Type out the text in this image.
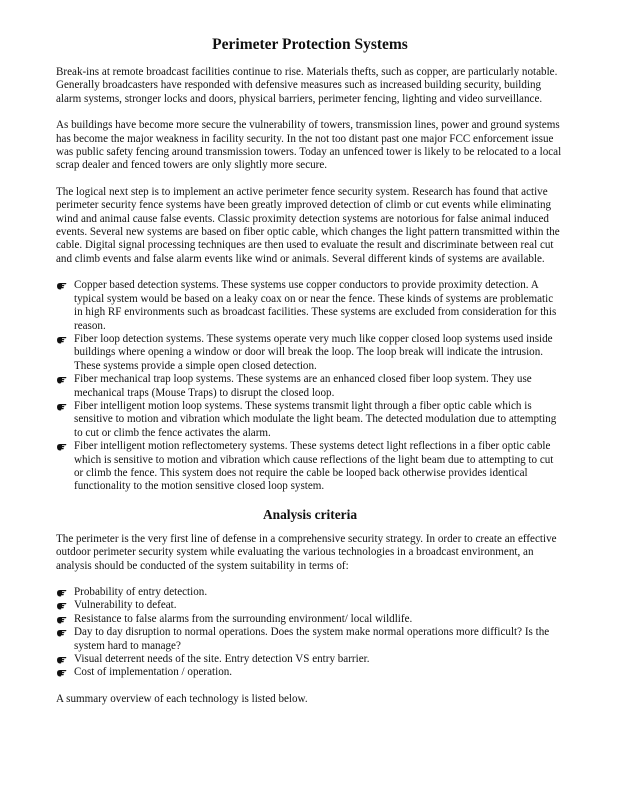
Perimeter Protection Systems

Break-ins at remote broadcast facilities continue to rise. Materials thefts, such as copper, are particularly notable. Generally broadcasters have responded with defensive measures such as increased building security, building alarm systems, stronger locks and doors, physical barriers, perimeter fencing, lighting and video surveillance.

As buildings have become more secure the vulnerability of towers, transmission lines, power and ground systems has become the major weakness in facility security. In the not too distant past one major FCC enforcement issue was public safety fencing around transmission towers. Today an unfenced tower is likely to be relocated to a local scrap dealer and fenced towers are only slightly more secure.

The logical next step is to implement an active perimeter fence security system. Research has found that active perimeter security fence systems have been greatly improved detection of climb or cut events while eliminating wind and animal cause false events. Classic proximity detection systems are notorious for false animal induced events. Several new systems are based on fiber optic cable, which changes the light pattern transmitted within the cable. Digital signal processing techniques are then used to evaluate the result and discriminate between real cut and climb events and false alarm events like wind or animals. Several different kinds of systems are available.

Copper based detection systems. These systems use copper conductors to provide proximity detection. A typical system would be based on a leaky coax on or near the fence. These kinds of systems are problematic in high RF environments such as broadcast facilities. These systems are excluded from consideration for this reason.
Fiber loop detection systems. These systems operate very much like copper closed loop systems used inside buildings where opening a window or door will break the loop. The loop break will indicate the intrusion. These systems provide a simple open closed detection.
Fiber mechanical trap loop systems. These systems are an enhanced closed fiber loop system. They use mechanical traps (Mouse Traps) to disrupt the closed loop.
Fiber intelligent motion loop systems. These systems transmit light through a fiber optic cable which is sensitive to motion and vibration which modulate the light beam. The detected modulation due to attempting to cut or climb the fence activates the alarm.
Fiber intelligent motion reflectometery systems. These systems detect light reflections in a fiber optic cable which is sensitive to motion and vibration which cause reflections of the light beam due to attempting to cut or climb the fence. This system does not require the cable be looped back otherwise provides identical functionality to the motion sensitive closed loop system.
Analysis criteria

The perimeter is the very first line of defense in a comprehensive security strategy. In order to create an effective outdoor perimeter security system while evaluating the various technologies in a broadcast environment, an analysis should be conducted of the system suitability in terms of:

Probability of entry detection.
Vulnerability to defeat.
Resistance to false alarms from the surrounding environment/ local wildlife.
Day to day disruption to normal operations. Does the system make normal operations more difficult? Is the system hard to manage?
Visual deterrent needs of the site. Entry detection VS entry barrier.
Cost of implementation / operation.

A summary overview of each technology is listed below.
